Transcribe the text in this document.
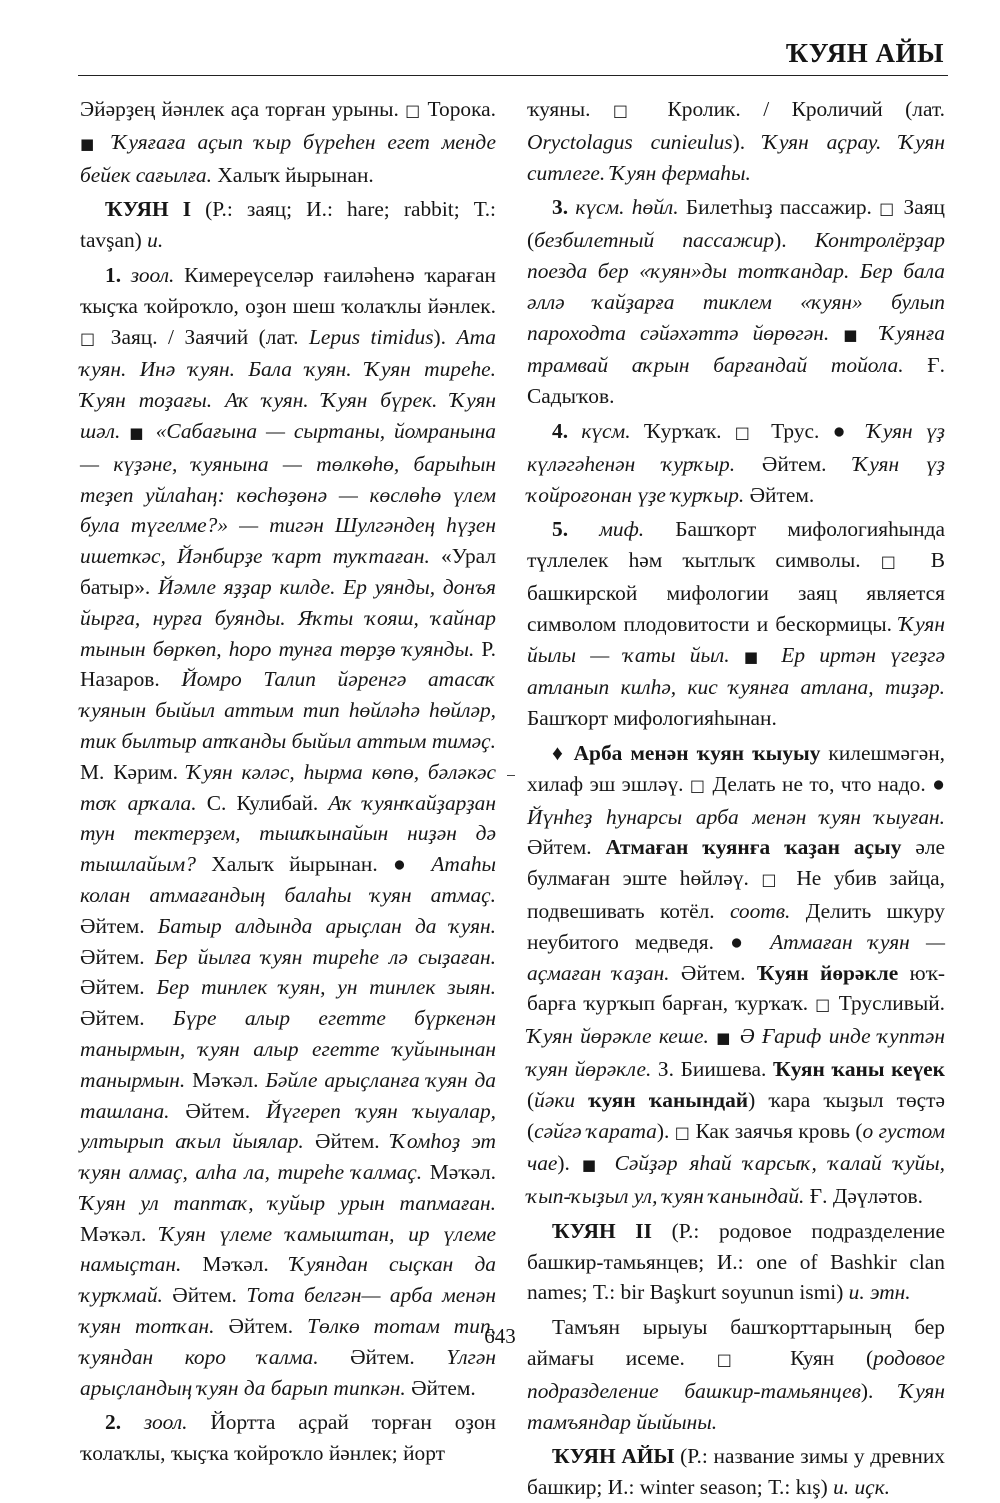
ҠУЯН АЙЫ

Эйәрҙең йәнлек аҫа торған урыны. □ Торока. ■ Ҡуяғаға аҫып ҡыр бүреһен егет менде бейек сағылға. Халыҡ йырынан.

ҠУЯН I (Р.: заяц; И.: hare; rabbit; Т.: tavşan) и.

1. зоол. Кимереүселәр ғаиләһенә ҡараған ҡыҫҡа ҡойроҡло, оҙон шеш ҡолаҡлы йәнлек. □ Заяц. / Заячий (лат. Lepus timidus). Ата ҡуян. Инә ҡуян. Бала ҡуян. Ҡуян тиреһе. Ҡуян тоҙағы. Аҡ ҡуян. Ҡуян бүрек. Ҡуян шәл. ■ «Сабағына — сыртаны, йомранына — күҙәне, ҡуянына — төлкөһө, барыһын теҙеп уйлаһаң: көсһөҙөнә — көслөһө үлем була түгелме?» — тигән Шулгәндең һүҙен ишеткәс, Йәнбирҙе ҡарт туҡтаған. «Урал батыр». Йәмле яҙҙар килде. Ер уянды, донъя йырға, нурға буянды. Яҡты ҡояш, ҡайнар тынын бөркөп, һоро тунға төрҙө ҡуянды. Р. Назаров. Йомро Талип йәренгә атасаҡ ҡуянын быйыл аттым тип һөйләһә һөйләр, тик былтыр атҡанды быйыл аттым тимәҫ. М. Кәрим. Ҡуян кәләс, һырма көпө, бәләкәс тоҡ арҡала. С. Кулибай. Аҡ ҡуянҡайҙарҙан тун тектерҙем, тышҡынайын ниҙән дә тышлайым? Халыҡ йырынан. ● Атаһы колан атмағандың балаһы ҡуян атмаҫ. Әйтем. Батыр алдында арыҫлан да ҡуян. Әйтем. Бер йылға ҡуян тиреһе лә сыҙаған. Әйтем. Бер тинлек ҡуян, ун тинлек зыян. Әйтем. Бүре алыр егетте бүркенән танырмын, ҡуян алыр егетте ҡуйынынан танырмын. Мәҡәл. Бәйле арыҫланға ҡуян да ташлана. Әйтем. Йүгереп ҡуян ҡыуалар, ултырып аҡыл йыялар. Әйтем. Ҡомһоҙ эт ҡуян алмаҫ, алһа ла, тиреһе ҡалмаҫ. Мәҡәл. Ҡуян ул таптаҡ, ҡуйыр урын тапмаған. Мәҡәл. Ҡуян үлеме ҡамыштан, ир үлеме намыҫтан. Мәҡәл. Ҡуяндан сыҫкан да ҡурҡмай. Әйтем. Тота белгән— арба менән ҡуян тотҡан. Әйтем. Төлкө тотам тип, ҡуяндан коро ҡалма. Әйтем. Үлгән арыҫландың ҡуян да барып типкән. Әйтем.

2. зоол. Йортта аҫрай торған оҙон ҡолаҡлы, ҡыҫҡа ҡойроҡло йәнлек; йорт

ҡуяны. □ Кролик. / Кроличий (лат. Oryctolagus cunieulus). Ҡуян аҫрау. Ҡуян ситлеге. Ҡуян фермаһы.

3. күсм. һөйл. Билетһыҙ пассажир. □ Заяц (безбилетный пассажир). Контролёрҙар поезда бер «ҡуян»ды тотҡандар. Бер бала әллә ҡайҙарға тиклем «ҡуян» булып пароходта сәйәхәттә йөрөгән. ■ Ҡуянға трамвай аҡрын барғандай тойола. Ғ. Садыҡов.

4. күсм. Ҡурҡаҡ. □ Трус. ● Ҡуян үҙ күләгәһенән ҡурҡыр. Әйтем. Ҡуян үҙ ҡойроғонан үҙе ҡурҡыр. Әйтем.

5. миф. Башҡорт мифологияһында түллелек һәм ҡытлыҡ символы. □ В башкирской мифологии заяц является символом плодовитости и бескормицы. Ҡуян йылы — ҡаты йыл. ■ Ер иртән үгеҙгә атланып килһә, кис ҡуянға атлана, тиҙәр. Башҡорт мифологияһынан.

♦ Арба менән ҡуян ҡыуыу килешмәгән, хилаф эш эшләү. □ Делать не то, что надо. ● Йүнһеҙ һунарсы арба менән ҡуян ҡыуған. Әйтем. Атмаған ҡуянға ҡаҙан аҫыу әле булмаған эште һөйләү. □ Не убив зайца, подвешивать котёл. соотв. Делить шкуру неубитого медведя. ● Атмаған ҡуян — аҫмаған ҡаҙан. Әйтем. Ҡуян йөрәкле юҡ-барға ҡурҡып барған, ҡурҡаҡ. □ Трусливый. Ҡуян йөрәкле кеше. ■ Ә Ғариф инде ҡуптән ҡуян йөрәкле. З. Биишева. Ҡуян ҡаны кеүек (йәки ҡуян ҡанындай) ҡара ҡыҙыл төҫтә (сәйгә ҡарата). □ Как заячья кровь (о густом чае). ■ Сәйҙәр яһай ҡарсыҡ, ҡалай ҡуйы, ҡып-ҡыҙыл ул, ҡуян ҡанындай. Ғ. Дәүләтов.

ҠУЯН II (Р.: родовое подразделение башкир-тамьянцев; И.: one of Bashkir clan names; Т.: bir Başkurt soyunun ismi) и. этн.

Тамъян ырыуы башҡорттарының бер аймағы исеме. □ Куян (родовое подразделение башкир-тамьянцев). Ҡуян тамъяндар йыйыны.

ҠУЯН АЙЫ (Р.: название зимы у древних башкир; И.: winter season; Т.: kış) и. иҫк.

643
